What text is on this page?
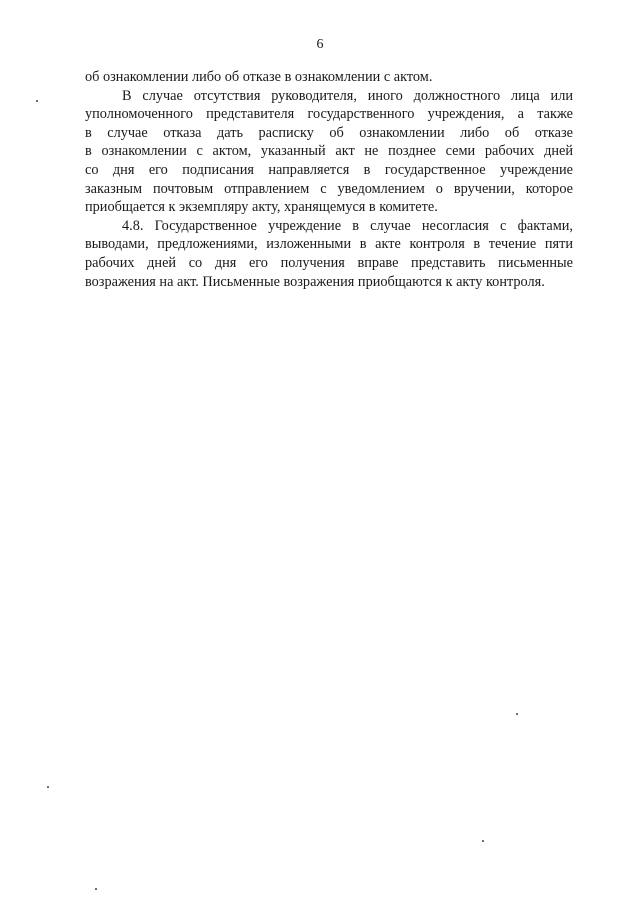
6
об ознакомлении либо об отказе в ознакомлении с актом.
В случае отсутствия руководителя, иного должностного лица или
уполномоченного представителя государственного учреждения, а также
в случае отказа дать расписку об ознакомлении либо об отказе
в ознакомлении с актом, указанный акт не позднее семи рабочих дней
со дня его подписания направляется в государственное учреждение
заказным почтовым отправлением с уведомлением о вручении, которое
приобщается к экземпляру акту, хранящемуся в комитете.
4.8. Государственное учреждение в случае несогласия с фактами,
выводами, предложениями, изложенными в акте контроля в течение пяти
рабочих дней со дня его получения вправе представить письменные
возражения на акт. Письменные возражения приобщаются к акту контроля.
